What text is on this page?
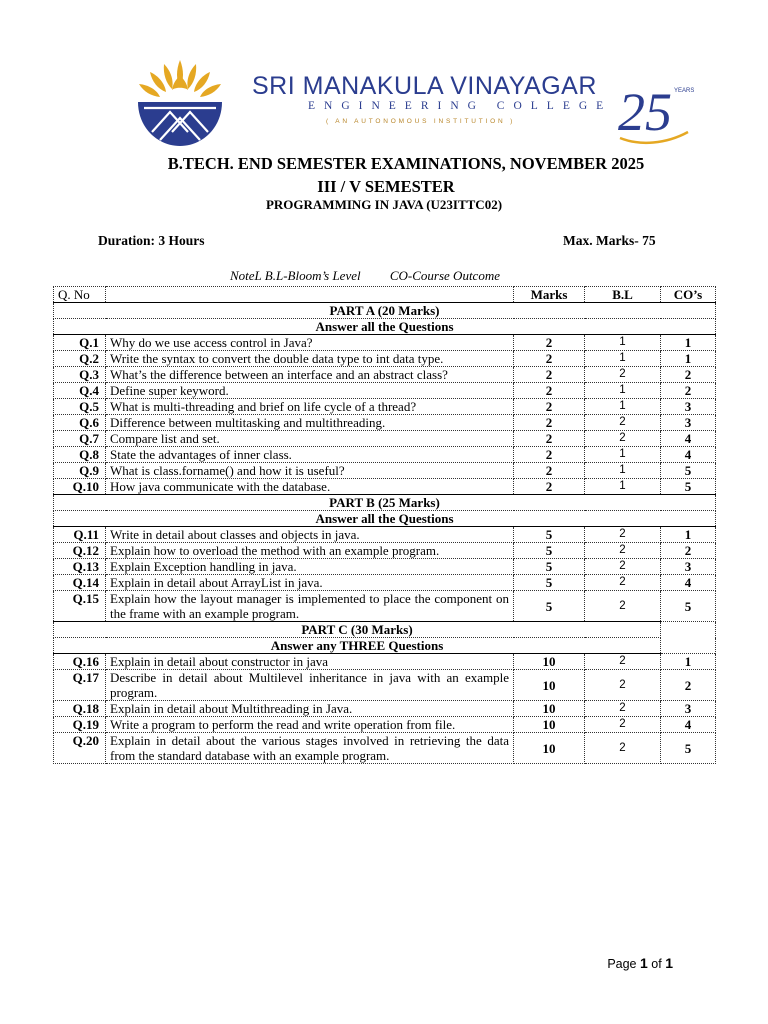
SRI MANAKULA VINAYAGAR
ENGINEERING COLLEGE
( AN AUTONOMOUS INSTITUTION ) 25 YEARS
B.TECH. END SEMESTER EXAMINATIONS, NOVEMBER 2025
III / V SEMESTER
PROGRAMMING IN JAVA (U23ITTC02)
Duration: 3 Hours	Max. Marks- 75
NoteL B.L-Bloom’s Level         CO-Course Outcome
Q. No		Marks	B.L	CO’s
PART A (20 Marks)				
Answer all the Questions				
Q.1	Why do we use access control in Java?	2	1	1
Q.2	Write the syntax to convert the double data type to int data type.	2	1	1
Q.3	What’s the difference between an interface and an abstract class?	2	2	2
Q.4	Define super keyword.	2	1	2
Q.5	What is multi-threading and brief on life cycle of a thread?	2	1	3
Q.6	Difference between multitasking and multithreading.	2	2	3
Q.7	Compare list and set.	2	2	4
Q.8	State the advantages of inner class.	2	1	4
Q.9	What is class.forname() and how it is useful?	2	1	5
Q.10	How java communicate with the database.	2	1	5
PART B (25 Marks)				
Answer all the Questions				
Q.11	Write in detail about classes and objects in java.	5	2	1
Q.12	Explain how to overload the method with an example program.	5	2	2
Q.13	Explain Exception handling in java.	5	2	3
Q.14	Explain in detail about ArrayList in java.	5	2	4
Q.15	Explain how the layout manager is implemented to place the component on the frame with an example program.	5	2	5
PART C (30 Marks)				
Answer any THREE Questions				
Q.16	Explain in detail about constructor in java	10	2	1
Q.17	Describe in detail about Multilevel inheritance in java with an example program.	10	2	2
Q.18	Explain in detail about Multithreading in Java.	10	2	3
Q.19	Write a program to perform the read and write operation from file.	10	2	4
Q.20	Explain in detail about the various stages involved in retrieving the data from the standard database with an example program.	10	2	5
Page 1 of 1
